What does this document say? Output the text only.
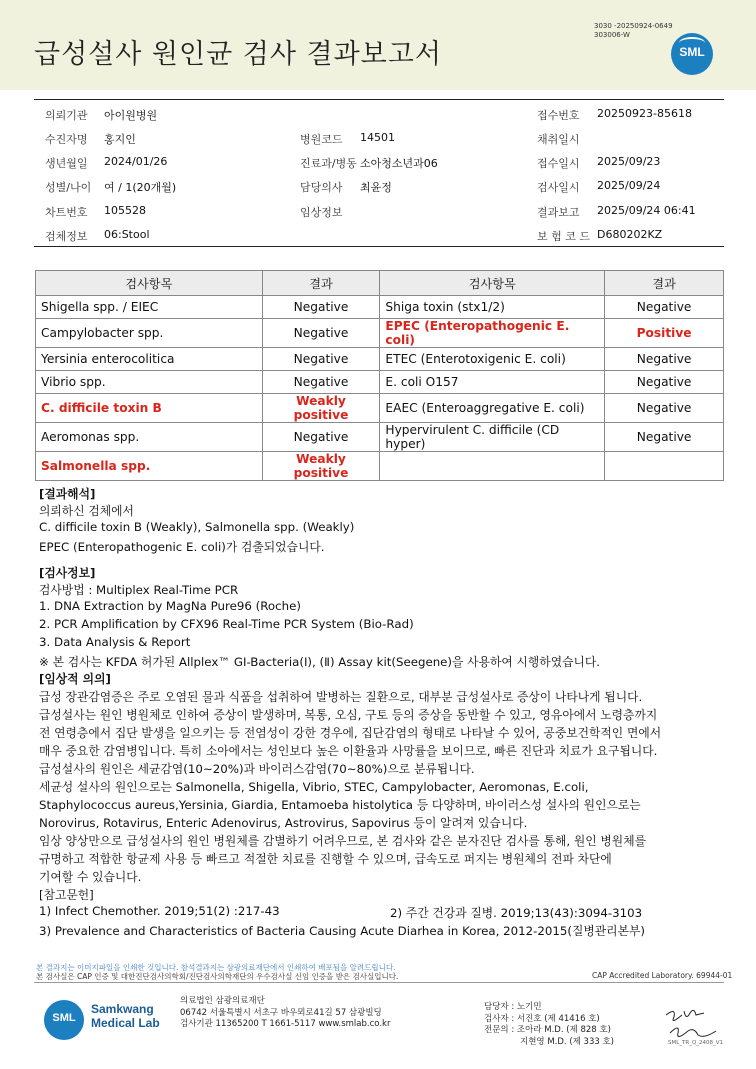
급성설사 원인균 검사 결과보고서
3030 -20250924-0649
303006-W
SML
의뢰기관 아이원병원	접수번호 20250923-85618
수진자명 홍지인	병원코드 14501	채취일시
생년월일 2024/01/26	진료과/병동 소아청소년과06	접수일시 2025/09/23
성별/나이 여 / 1(20개월)	담당의사 최윤정	검사일시 2025/09/24
차트번호 105528	임상정보	결과보고 2025/09/24 06:41
검체정보 06:Stool	보 험 코 드 D680202KZ
검사항목	결과	검사항목	결과
Shigella spp. / EIEC	Negative	Shiga toxin (stx1/2)	Negative
Campylobacter spp.	Negative	EPEC (Enteropathogenic E. coli)	Positive
Yersinia enterocolitica	Negative	ETEC (Enterotoxigenic E. coli)	Negative
Vibrio spp.	Negative	E. coli O157	Negative
C. difficile toxin B	Weakly positive	EAEC (Enteroaggregative E. coli)	Negative
Aeromonas spp.	Negative	Hypervirulent C. difficile (CD hyper)	Negative
Salmonella spp.	Weakly positive		
[결과해석]
의뢰하신 검체에서
C. difficile toxin B (Weakly), Salmonella spp. (Weakly)
EPEC (Enteropathogenic E. coli)가 검출되었습니다.
[검사정보]
검사방법 : Multiplex Real-Time PCR
1. DNA Extraction by MagNa Pure96 (Roche)
2. PCR Amplification by CFX96 Real-Time PCR System (Bio-Rad)
3. Data Analysis & Report
※ 본 검사는 KFDA 허가된 Allplex™ GI-Bacteria(Ⅰ), (Ⅱ) Assay kit(Seegene)을 사용하여 시행하였습니다.
[임상적 의의]
급성 장관감염증은 주로 오염된 물과 식품을 섭취하여 발병하는 질환으로, 대부분 급성설사로 증상이 나타나게 됩니다.
급성설사는 원인 병원체로 인하여 증상이 발생하며, 복통, 오심, 구토 등의 증상을 동반할 수 있고, 영유아에서 노령층까지
전 연령층에서 집단 발생을 일으키는 등 전염성이 강한 경우에, 집단감염의 형태로 나타날 수 있어, 공중보건학적인 면에서
매우 중요한 감염병입니다. 특히 소아에서는 성인보다 높은 이환율과 사망률을 보이므로, 빠른 진단과 치료가 요구됩니다.
급성설사의 원인은 세균감염(10~20%)과 바이러스감염(70~80%)으로 분류됩니다.
세균성 설사의 원인으로는 Salmonella, Shigella, Vibrio, STEC, Campylobacter, Aeromonas, E.coli,
Staphylococcus aureus,Yersinia, Giardia, Entamoeba histolytica 등 다양하며, 바이러스성 설사의 원인으로는
Norovirus, Rotavirus, Enteric Adenovirus, Astrovirus, Sapovirus 등이 알려져 있습니다.
임상 양상만으로 급성설사의 원인 병원체를 감별하기 어려우므로, 본 검사와 같은 분자진단 검사를 통해, 원인 병원체를
규명하고 적합한 항균제 사용 등 빠르고 적절한 치료를 진행할 수 있으며, 급속도로 퍼지는 병원체의 전파 차단에
기여할 수 있습니다.
[참고문헌]
1) Infect Chemother. 2019;51(2) :217-43	2) 주간 건강과 질병. 2019;13(43):3094-3103
3) Prevalence and Characteristics of Bacteria Causing Acute Diarhea in Korea, 2012-2015(질병관리본부)
본 결과지는 이미지파일을 인쇄한 것입니다. 참석결과지는 삼광의료재단에서 인쇄하여 배포됨을 알려드립니다.
본 검사실은 CAP 인증 및 대한진단검사의학회/진단검사의학재단의 우수검사실 신임 인증을 받은 검사실입니다.	CAP Accredited Laboratory. 69944-01
SML
Samkwang
Medical Lab
의료법인 삼광의료재단
06742 서울특별시 서초구 바우뫼로41길 57 삼광빌딩
검사기관 11365200 T 1661-5117 www.smlab.co.kr
담당자 : 노기민
검사자 : 서진호 (제 41416 호)
전문의 : 조아라 M.D. (제 828 호)
지현영 M.D. (제 333 호)	SML_TR_Q_2408_V1
